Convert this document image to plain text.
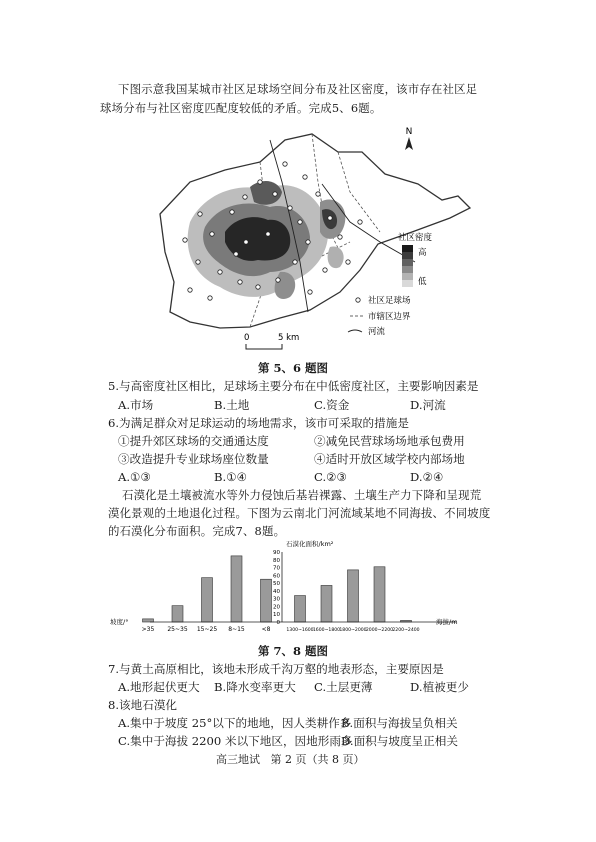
下图示意我国某城市社区足球场空间分布及社区密度，该市存在社区足
球场分布与社区密度匹配度较低的矛盾。完成5、6题。
N
社区密度
高
低
社区足球场
市辖区边界
河流
0	5 km
第 5、6 题图
5.与高密度社区相比，足球场主要分布在中低密度社区，主要影响因素是
A.市场	B.土地	C.资金	D.河流
6.为满足群众对足球运动的场地需求，该市可采取的措施是
①提升郊区球场的交通通达度	②减免民营球场场地承包费用
③改造提升专业球场座位数量	④适时开放区域学校内部场地
A.①③	B.①④	C.②③	D.②④
石漠化是土壤被流水等外力侵蚀后基岩裸露、土壤生产力下降和呈现荒
漠化景观的土地退化过程。下图为云南北门河流域某地不同海拔、不同坡度
的石漠化分布面积。完成7、8题。
石漠化面积/km²
0
10
20
30
40
50
60
70
80
90
>35 25~35 15~25 8~15	<8	1300~1600 1600~1800 1800~2000 2000~2200 2200~2400
坡度/°	海拔/m
第 7、8 题图
7.与黄土高原相比，该地未形成千沟万壑的地表形态，主要原因是
A.地形起伏更大 B.降水变率更大 C.土层更薄	D.植被更少
8.该地石漠化
A.集中于坡度 25°以下的地地，因人类耕作多
B.面积与海拔呈负相关
C.集中于海拔 2200 米以下地区，因地形雨多
D.面积与坡度呈正相关
高三地试   第 2 页（共 8 页）
